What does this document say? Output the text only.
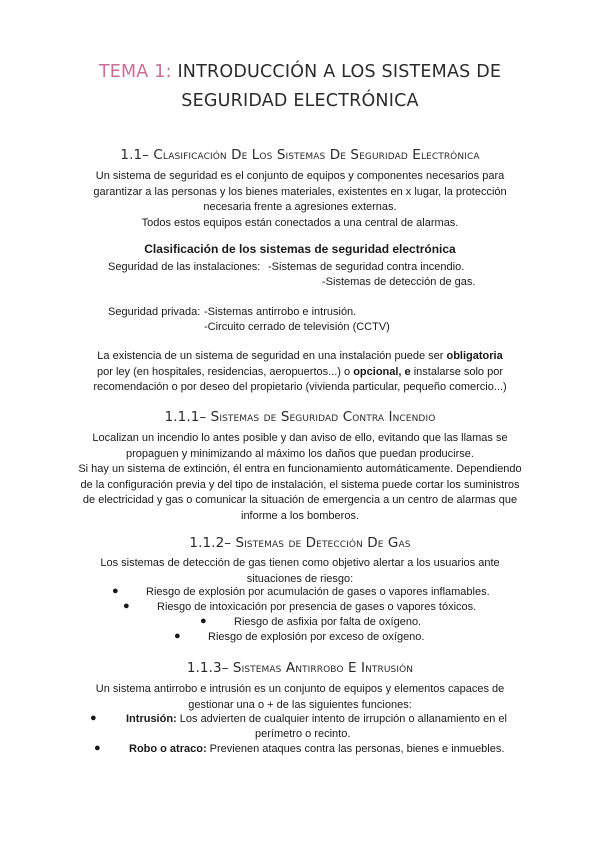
TEMA 1: INTRODUCCIÓN A LOS SISTEMAS DE
SEGURIDAD ELECTRÓNICA
1.1– Clasificación De Los Sistemas De Seguridad Electrónica
Un sistema de seguridad es el conjunto de equipos y componentes necesarios para
garantizar a las personas y los bienes materiales, existentes en x lugar, la protección
necesaria frente a agresiones externas.
Todos estos equipos están conectados a una central de alarmas.
Clasificación de los sistemas de seguridad electrónica
Seguridad de las instalaciones: -Sistemas de seguridad contra incendio.
-Sistemas de detección de gas.
Seguridad privada: -Sistemas antirrobo e intrusión.
-Circuito cerrado de televisión (CCTV)
La existencia de un sistema de seguridad en una instalación puede ser obligatoria
por ley (en hospitales, residencias, aeropuertos...) o opcional, e instalarse solo por
recomendación o por deseo del propietario (vivienda particular, pequeño comercio...)
1.1.1– Sistemas de Seguridad Contra Incendio
Localizan un incendio lo antes posible y dan aviso de ello, evitando que las llamas se
propaguen y minimizando al máximo los daños que puedan producirse.
Si hay un sistema de extinción, él entra en funcionamiento automáticamente. Dependiendo
de la configuración previa y del tipo de instalación, el sistema puede cortar los suministros
de electricidad y gas o comunicar la situación de emergencia a un centro de alarmas que
informe a los bomberos.
1.1.2– Sistemas de Detección De Gas
Los sistemas de detección de gas tienen como objetivo alertar a los usuarios ante
situaciones de riesgo:
● Riesgo de explosión por acumulación de gases o vapores inflamables.
● Riesgo de intoxicación por presencia de gases o vapores tóxicos.
● Riesgo de asfixia por falta de oxígeno.
● Riesgo de explosión por exceso de oxígeno.
1.1.3– Sistemas Antirrobo E Intrusión
Un sistema antirrobo e intrusión es un conjunto de equipos y elementos capaces de
gestionar una o + de las siguientes funciones:
●	Intrusión: Los advierten de cualquier intento de irrupción o allanamiento en el
perímetro o recinto.
●	Robo o atraco: Previenen ataques contra las personas, bienes e inmuebles.
